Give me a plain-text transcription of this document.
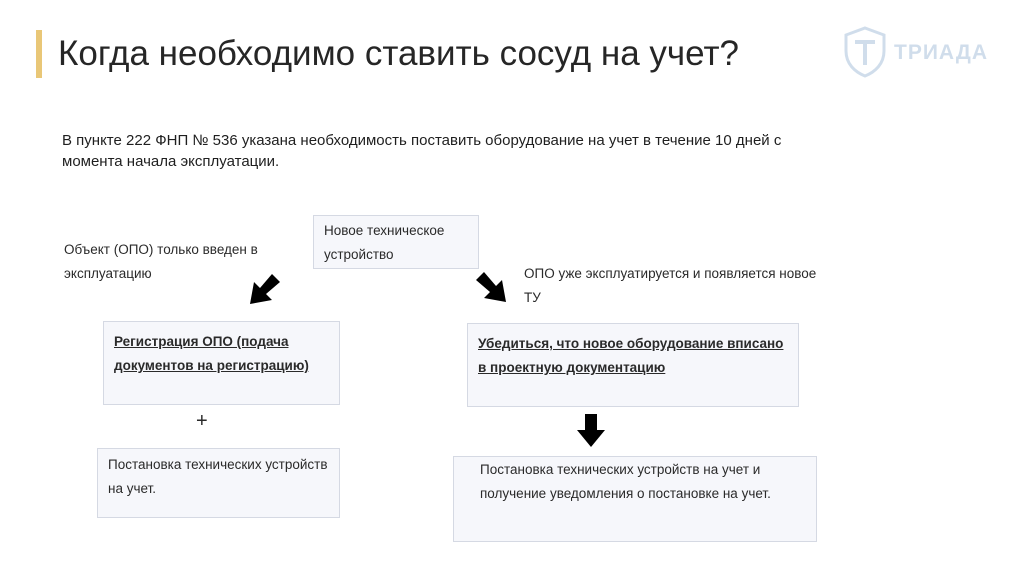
Когда необходимо ставить сосуд на учет?	ТРИАДА
В пункте 222 ФНП № 536 указана необходимость поставить оборудование на учет в течение 10 дней с момента начала эксплуатации.
Новое техническое устройство
Объект (ОПО) только введен в эксплуатацию	ОПО уже эксплуатируется и появляется новое ТУ
Регистрация ОПО (подача документов на регистрацию)
+
Постановка технических устройств на учет.
Убедиться, что новое оборудование вписано в проектную документацию
Постановка технических устройств на учет и получение уведомления о постановке на учет.
